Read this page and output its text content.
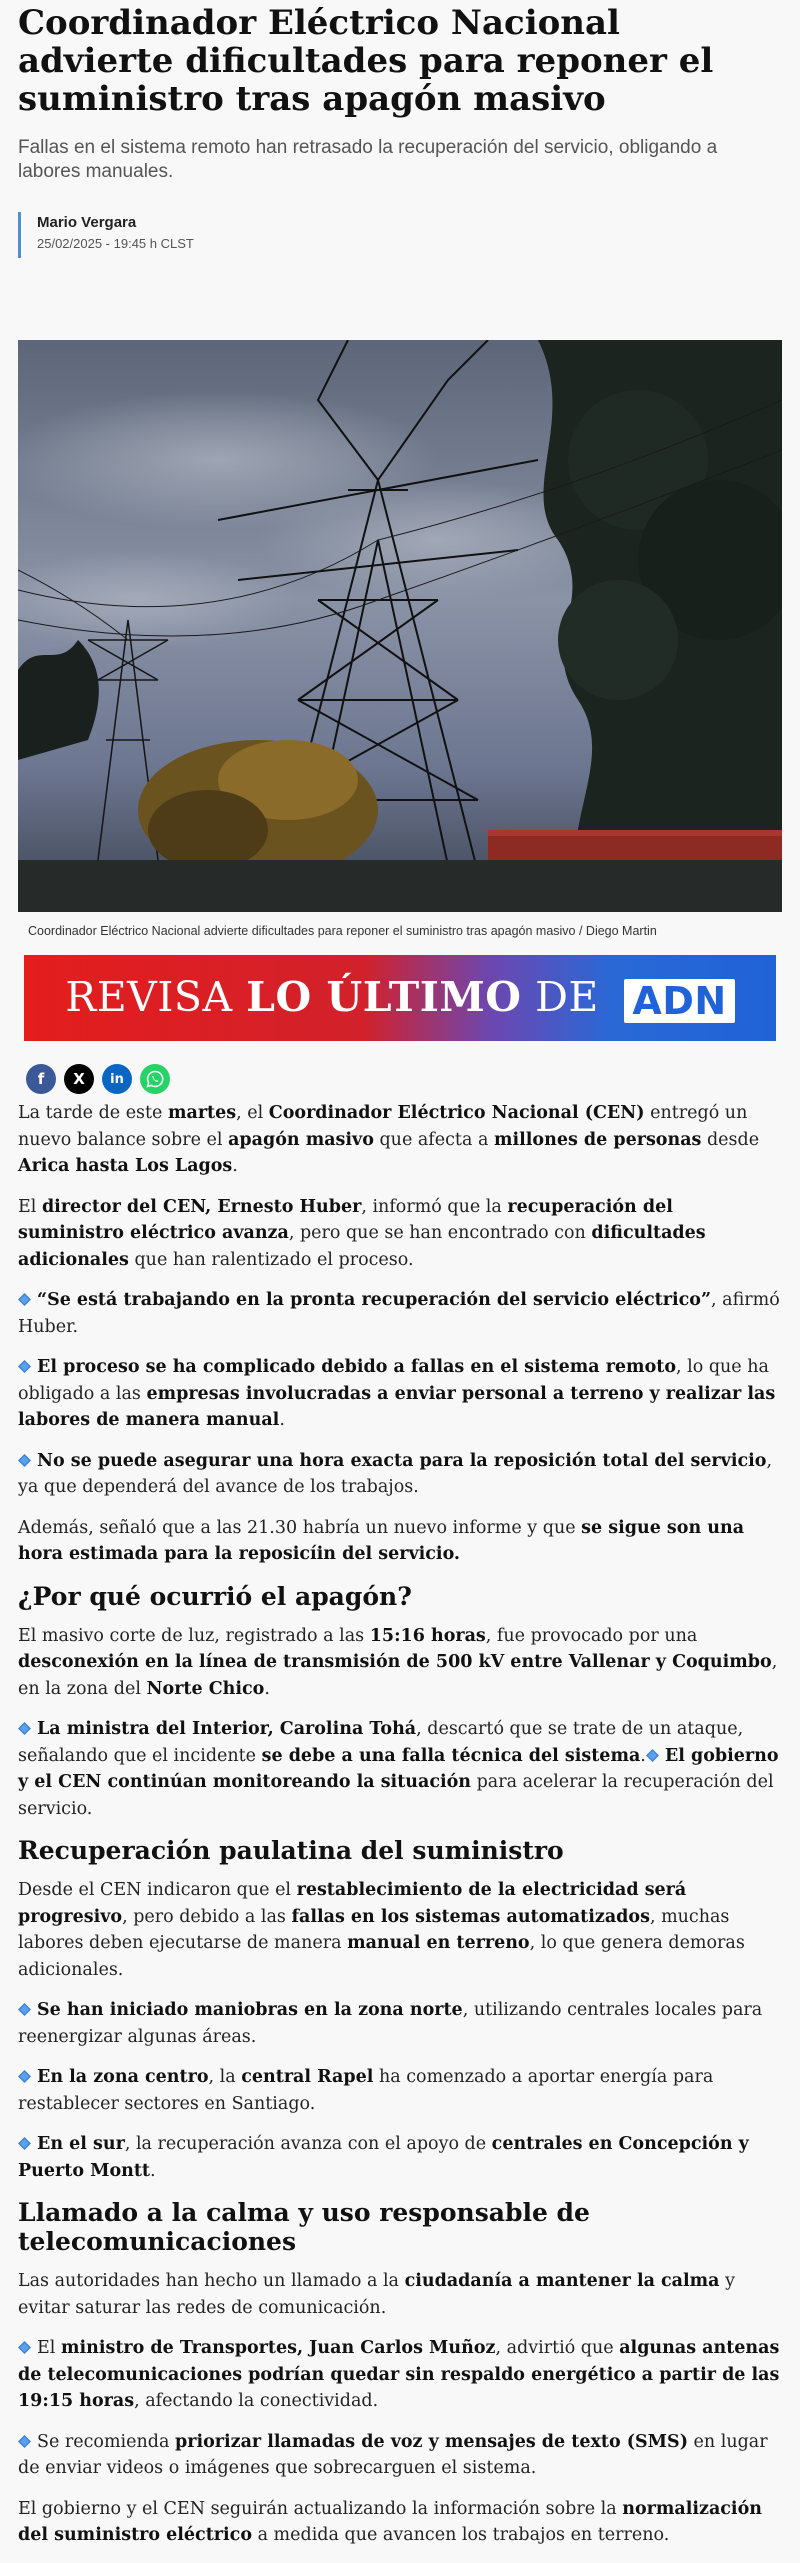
Coordinador Eléctrico Nacional advierte dificultades para reponer el suministro tras apagón masivo
Fallas en el sistema remoto han retrasado la recuperación del servicio, obligando a labores manuales.
Mario Vergara
25/02/2025 - 19:45 h CLST
Coordinador Eléctrico Nacional advierte dificultades para reponer el suministro tras apagón masivo / Diego Martin
REVISA LO ÚLTIMO DE ADN
f	X	in

La tarde de este martes, el Coordinador Eléctrico Nacional (CEN) entregó un nuevo balance sobre el apagón masivo que afecta a millones de personas desde Arica hasta Los Lagos.

El director del CEN, Ernesto Huber, informó que la recuperación del suministro eléctrico avanza, pero que se han encontrado con dificultades adicionales que han ralentizado el proceso.

“Se está trabajando en la pronta recuperación del servicio eléctrico”, afirmó Huber.

El proceso se ha complicado debido a fallas en el sistema remoto, lo que ha obligado a las empresas involucradas a enviar personal a terreno y realizar las labores de manera manual.

No se puede asegurar una hora exacta para la reposición total del servicio, ya que dependerá del avance de los trabajos.

Además, señaló que a las 21.30 habría un nuevo informe y que se sigue son una hora estimada para la reposicíin del servicio.

¿Por qué ocurrió el apagón?

El masivo corte de luz, registrado a las 15:16 horas, fue provocado por una desconexión en la línea de transmisión de 500 kV entre Vallenar y Coquimbo, en la zona del Norte Chico.

La ministra del Interior, Carolina Tohá, descartó que se trate de un ataque, señalando que el incidente se debe a una falla técnica del sistema. El gobierno y el CEN continúan monitoreando la situación para acelerar la recuperación del servicio.

Recuperación paulatina del suministro

Desde el CEN indicaron que el restablecimiento de la electricidad será progresivo, pero debido a las fallas en los sistemas automatizados, muchas labores deben ejecutarse de manera manual en terreno, lo que genera demoras adicionales.

Se han iniciado maniobras en la zona norte, utilizando centrales locales para reenergizar algunas áreas.

En la zona centro, la central Rapel ha comenzado a aportar energía para restablecer sectores en Santiago.

En el sur, la recuperación avanza con el apoyo de centrales en Concepción y Puerto Montt.

Llamado a la calma y uso responsable de telecomunicaciones

Las autoridades han hecho un llamado a la ciudadanía a mantener la calma y evitar saturar las redes de comunicación.

El ministro de Transportes, Juan Carlos Muñoz, advirtió que algunas antenas de telecomunicaciones podrían quedar sin respaldo energético a partir de las 19:15 horas, afectando la conectividad.

Se recomienda priorizar llamadas de voz y mensajes de texto (SMS) en lugar de enviar videos o imágenes que sobrecarguen el sistema.

El gobierno y el CEN seguirán actualizando la información sobre la normalización del suministro eléctrico a medida que avancen los trabajos en terreno.
